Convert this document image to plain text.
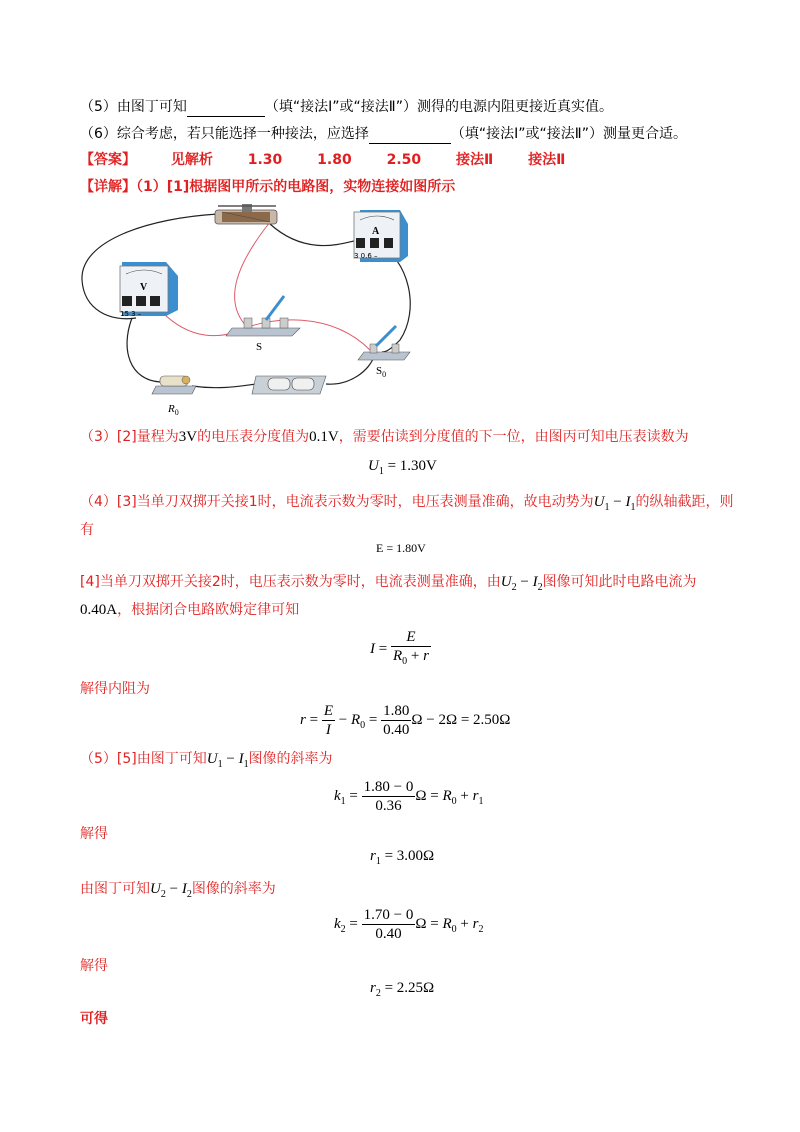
（5）由图丁可知	（填“接法Ⅰ”或“接法Ⅱ”）测得的电源内阻更接近真实值。
（6）综合考虑，若只能选择一种接法，应选择	（填“接法Ⅰ”或“接法Ⅱ”）测量更合适。
【答案】 见解析 1.30 1.80 2.50 接法Ⅱ 接法Ⅱ
【详解】（1）[1]根据图甲所示的电路图，实物连接如图所示
V
15 3 –
A
3 0.6 –
S
$S_0$
$R_0$
（3）[2]量程为3V的电压表分度值为0.1V，需要估读到分度值的下一位，由图丙可知电压表读数为
$U_1 = 1.30V$
（4）[3]当单刀双掷开关接1时，电流表示数为零时，电压表测量准确，故电动势为$U_1 - I_1$的纵轴截距，则
有
E = 1.80V
[4]当单刀双掷开关接2时，电压表示数为零时，电流表测量准确，由$U_2 - I_2$图像可知此时电路电流为
0.40A，根据闭合电路欧姆定律可知
$I = \frac{E}{R_0 + r}$
解得内阻为
$r = \frac{E}{I} - R_0 = \frac{1.80}{0.40}$ Ω − 2Ω = 2.50Ω
（5）[5]由图丁可知$U_1 - I_1$图像的斜率为
$k_1 = \frac{1.80 - 0}{0.36}$ $\Omega = R_0 + r_1$
解得
$r_1 = 3.00\Omega$
由图丁可知$U_2 - I_2$图像的斜率为
$k_2 = \frac{1.70 - 0}{0.40}$ $\Omega = R_0 + r_2$
解得
$r_2 = 2.25\Omega$
可得
